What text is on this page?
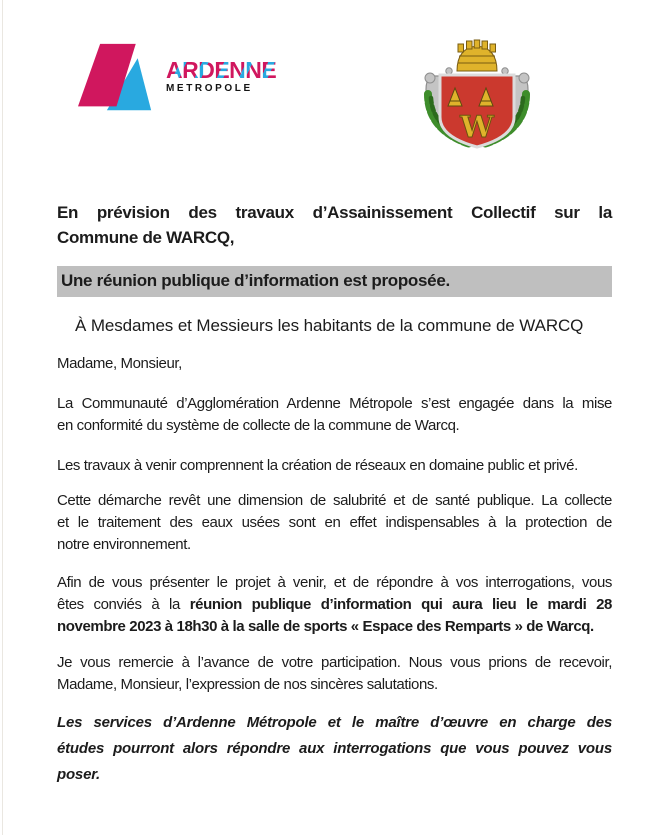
ARDENNE
METROPOLE
W
En prévision des travaux d’Assainissement Collectif sur la
Commune de WARCQ,
Une réunion publique d’information est proposée.
À Mesdames et Messieurs les habitants de la commune de WARCQ
Madame, Monsieur,
La Communauté d’Agglomération Ardenne Métropole s’est engagée dans la mise
en conformité du système de collecte de la commune de Warcq.
Les travaux à venir comprennent la création de réseaux en domaine public et privé.
Cette démarche revêt une dimension de salubrité et de santé publique. La collecte
et le traitement des eaux usées sont en effet indispensables à la protection de
notre environnement.
Afin de vous présenter le projet à venir, et de répondre à vos interrogations, vous
êtes conviés à la réunion publique d’information qui aura lieu le mardi 28
novembre 2023 à 18h30 à la salle de sports « Espace des Remparts » de Warcq.
Je vous remercie à l’avance de votre participation. Nous vous prions de recevoir,
Madame, Monsieur, l’expression de nos sincères salutations.
Les services d’Ardenne Métropole et le maître d’œuvre en charge des
études pourront alors répondre aux interrogations que vous pouvez vous
poser.
